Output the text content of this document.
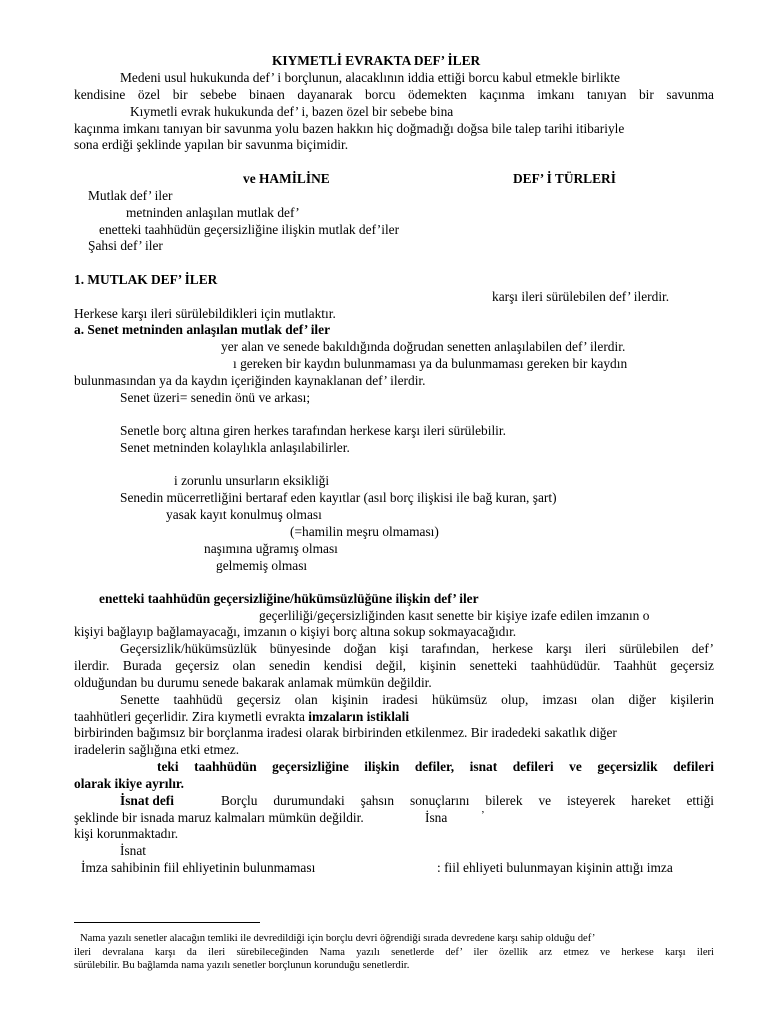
KIYMETLİ EVRAKTA DEF’ İLER
Medeni usul hukukunda def’ i borçlunun, alacaklının iddia ettiği borcu kabul etmekle birlikte
kendisine özel bir sebebe binaen dayanarak borcu ödemekten kaçınma imkanı tanıyan bir savunma
Kıymetli evrak hukukunda def’ i, bazen özel bir sebebe bina
kaçınma imkanı tanıyan bir savunma yolu bazen hakkın hiç doğmadığı doğsa bile talep tarihi itibariyle
sona erdiği şeklinde yapılan bir savunma biçimidir.
ve HAMİLİNE	DEF’ İ TÜRLERİ
Mutlak def’ iler
metninden anlaşılan mutlak def’
enetteki taahhüdün geçersizliğine ilişkin mutlak def’iler
Şahsi def’ iler
1. MUTLAK DEF’ İLER
karşı ileri sürülebilen def’ ilerdir.
Herkese karşı ileri sürülebildikleri için mutlaktır.
a. Senet metninden anlaşılan mutlak def’ iler
yer alan ve senede bakıldığında doğrudan senetten anlaşılabilen def’ ilerdir.
ı gereken bir kaydın bulunmaması ya da bulunmaması gereken bir kaydın
bulunmasından ya da kaydın içeriğinden kaynaklanan def’ ilerdir.
Senet üzeri= senedin önü ve arkası;
Senetle borç altına giren herkes tarafından herkese karşı ileri sürülebilir.
Senet metninden kolaylıkla anlaşılabilirler.
i zorunlu unsurların eksikliği
Senedin mücerretliğini bertaraf eden kayıtlar (asıl borç ilişkisi ile bağ kuran, şart)
yasak kayıt konulmuş olması
(=hamilin meşru olmaması)
naşımına uğramış olması
gelmemiş olması
enetteki taahhüdün geçersizliğine/hükümsüzlüğüne ilişkin def’ iler
geçerliliği/geçersizliğinden kasıt senette bir kişiye izafe edilen imzanın o
kişiyi bağlayıp bağlamayacağı, imzanın o kişiyi borç altına sokup sokmayacağıdır.
Geçersizlik/hükümsüzlük bünyesinde doğan kişi tarafından, herkese karşı ileri sürülebilen def’
ilerdir. Burada geçersiz olan senedin kendisi değil, kişinin senetteki taahhüdüdür. Taahhüt geçersiz
olduğundan bu durumu senede bakarak anlamak mümkün değildir.
Senette taahhüdü geçersiz olan kişinin iradesi hükümsüz olup, imzası olan diğer kişilerin
taahhütleri geçerlidir. Zira kıymetli evrakta imzaların istiklali
birbirinden bağımsız bir borçlanma iradesi olarak birbirinden etkilenmez. Bir iradedeki sakatlık diğer
iradelerin sağlığına etki etmez.
teki taahhüdün geçersizliğine ilişkin defiler, isnat defileri ve geçersizlik defileri
olarak ikiye ayrılır.
İsnat defi	Borçlu durumundaki şahsın sonuçlarını bilerek ve isteyerek hareket ettiği
şeklinde bir isnada maruz kalmaları mümkün değildir.	İsna	’
kişi korunmaktadır.
İsnat
İmza sahibinin fiil ehliyetinin bulunmaması	: fiil ehliyeti bulunmayan kişinin attığı imza
Nama yazılı senetler alacağın temliki ile devredildiği için borçlu devri öğrendiği sırada devredene karşı sahip olduğu def’
ileri devralana karşı da ileri sürebileceğinden Nama yazılı senetlerde def’ iler özellik arz etmez ve herkese karşı ileri
sürülebilir. Bu bağlamda nama yazılı senetler borçlunun korunduğu senetlerdir.
